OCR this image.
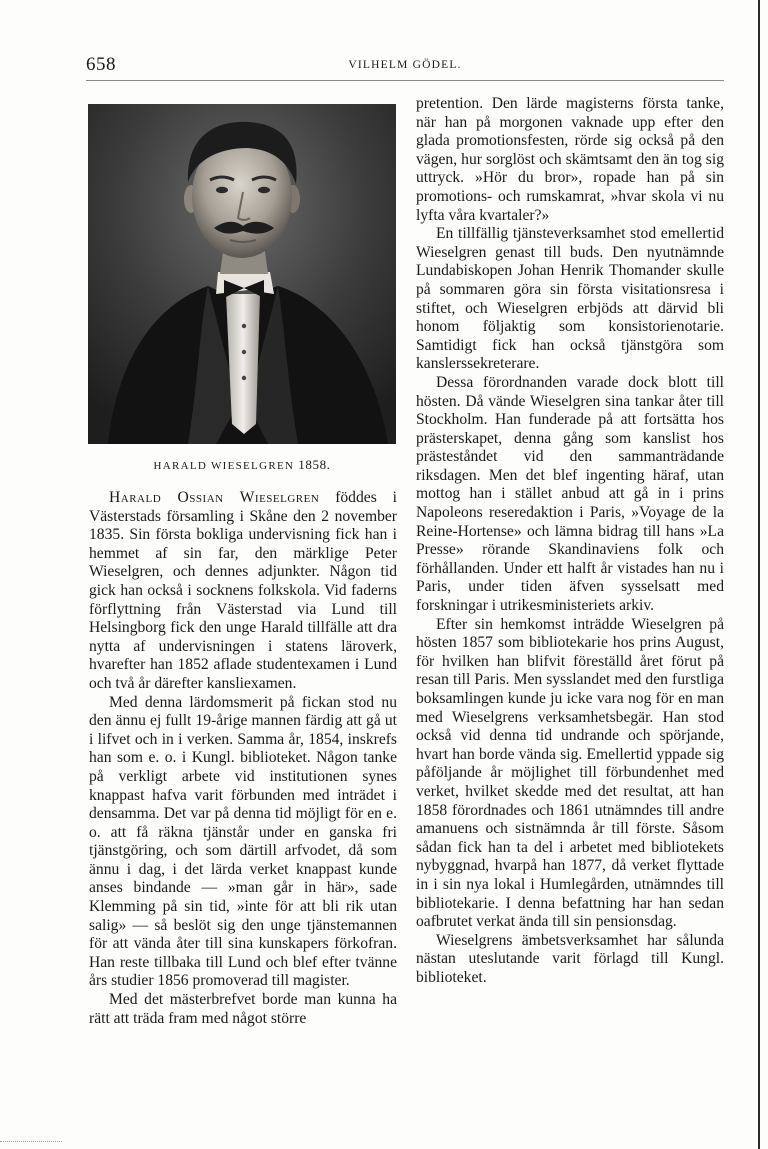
658	VILHELM GÖDEL.
HARALD WIESELGREN 1858.

Harald Ossian Wieselgren föddes i Västerstads församling i Skåne den 2 november 1835. Sin första bokliga undervisning fick han i hemmet af sin far, den märklige Peter Wieselgren, och dennes adjunkter. Någon tid gick han också i socknens folkskola. Vid faderns förflyttning från Västerstad via Lund till Helsingborg fick den unge Harald tillfälle att dra nytta af undervisningen i statens läroverk, hvarefter han 1852 aflade studentexamen i Lund och två år därefter kansliexamen.

Med denna lärdomsmerit på fickan stod nu den ännu ej fullt 19-årige mannen färdig att gå ut i lifvet och in i verken. Samma år, 1854, inskrefs han som e. o. i Kungl. biblioteket. Någon tanke på verkligt arbete vid institutionen synes knappast hafva varit förbunden med inträdet i densamma. Det var på denna tid möjligt för en e. o. att få räkna tjänstår under en ganska fri tjänstgöring, och som därtill arfvodet, då som ännu i dag, i det lärda verket knappast kunde anses bindande — »man går in här», sade Klemming på sin tid, »inte för att bli rik utan salig» — så beslöt sig den unge tjänstemannen för att vända åter till sina kunskapers förkofran. Han reste tillbaka till Lund och blef efter tvänne års studier 1856 promoverad till magister.

Med det mästerbrefvet borde man kunna ha rätt att träda fram med något större

pretention. Den lärde magisterns första tanke, när han på morgonen vaknade upp efter den glada promotionsfesten, rörde sig också på den vägen, hur sorglöst och skämtsamt den än tog sig uttryck. »Hör du bror», ropade han på sin promotions- och rumskamrat, »hvar skola vi nu lyfta våra kvartaler?»

En tillfällig tjänsteverksamhet stod emellertid Wieselgren genast till buds. Den nyutnämnde Lundabiskopen Johan Henrik Thomander skulle på sommaren göra sin första visitationsresa i stiftet, och Wieselgren erbjöds att därvid bli honom följaktig som konsistorienotarie. Samtidigt fick han också tjänstgöra som kanslerssekreterare.

Dessa förordnanden varade dock blott till hösten. Då vände Wieselgren sina tankar åter till Stockholm. Han funderade på att fortsätta hos prästerskapet, denna gång som kanslist hos prästeståndet vid den sammanträdande riksdagen. Men det blef ingenting häraf, utan mottog han i stället anbud att gå in i prins Napoleons reseredaktion i Paris, »Voyage de la Reine-Hortense» och lämna bidrag till hans »La Presse» rörande Skandinaviens folk och förhållanden. Under ett halft år vistades han nu i Paris, under tiden äfven sysselsatt med forskningar i utrikesministeriets arkiv.

Efter sin hemkomst inträdde Wieselgren på hösten 1857 som bibliotekarie hos prins August, för hvilken han blifvit föreställd året förut på resan till Paris. Men sysslandet med den furstliga boksamlingen kunde ju icke vara nog för en man med Wieselgrens verksamhetsbegär. Han stod också vid denna tid undrande och spörjande, hvart han borde vända sig. Emellertid yppade sig påföljande år möjlighet till förbundenhet med verket, hvilket skedde med det resultat, att han 1858 förordnades och 1861 utnämndes till andre amanuens och sistnämnda år till förste. Såsom sådan fick han ta del i arbetet med bibliotekets nybyggnad, hvarpå han 1877, då verket flyttade in i sin nya lokal i Humlegården, utnämndes till bibliotekarie. I denna befattning har han sedan oafbrutet verkat ända till sin pensionsdag.

Wieselgrens ämbetsverksamhet har sålunda nästan uteslutande varit förlagd till Kungl. biblioteket.
